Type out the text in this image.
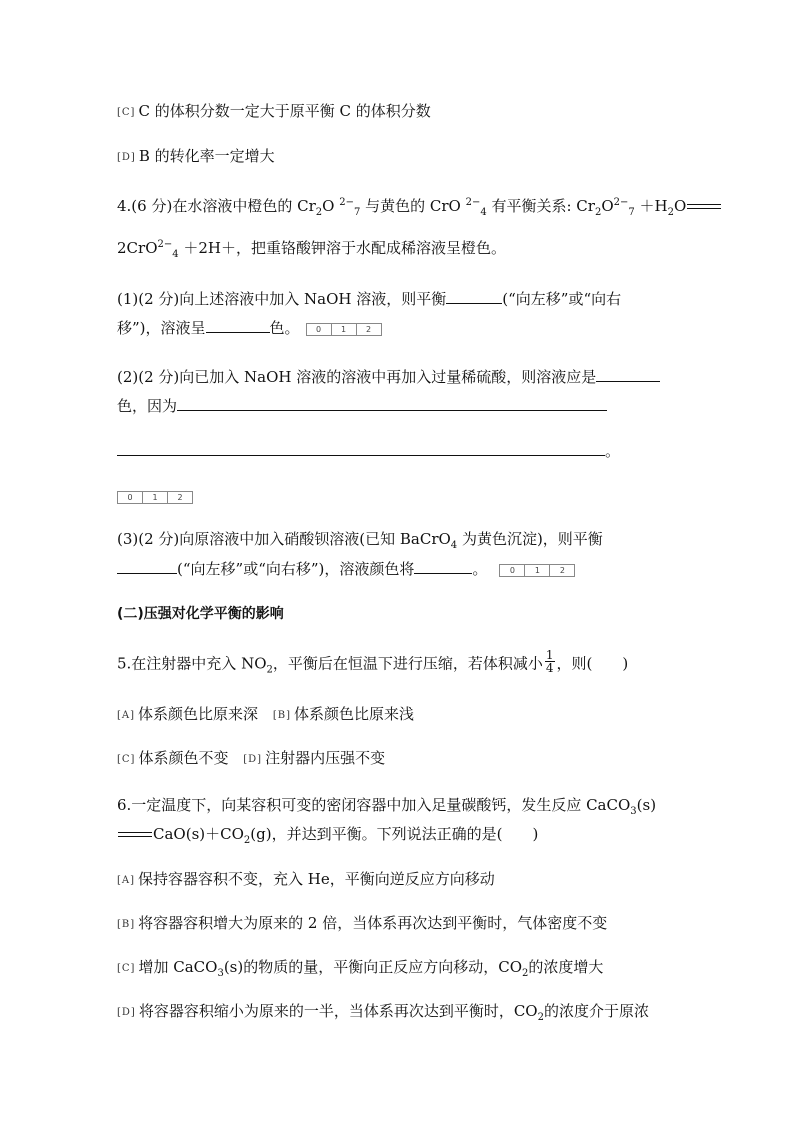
[C] C 的体积分数一定大于原平衡 C 的体积分数
[D] B 的转化率一定增大
4.(6 分)在水溶液中橙色的 $Cr_2O$ $^{2-}_7$ 与黄色的 CrO $^{2-}_4$ 有平衡关系: $Cr_2O^{2-}_7 +H_2O$
2CrO$^{2-}_4$ ＋2H＋，把重铬酸钾溶于水配成稀溶液呈橙色。
(1)(2 分)向上述溶液中加入 NaOH 溶液，则平衡	(“向左移”或“向右
移”)，溶液呈	色。	0	1	2
(2)(2 分)向已加入 NaOH 溶液的溶液中再加入过量稀硫酸，则溶液应是
色，因为
。
0	1	2
(3)(2 分)向原溶液中加入硝酸钡溶液(已知 BaCrO$_4$ 为黄色沉淀)，则平衡
(“向左移”或“向右移”)，溶液颜色将	。	0	1	2
(二)压强对化学平衡的影响
5.在注射器中充入 $NO_2$，平衡后在恒温下进行压缩，若体积减小 $\frac{1}{4}$ ，则(　　)
[A] 体系颜色比原来深 [B] 体系颜色比原来浅
[C] 体系颜色不变 [D] 注射器内压强不变
6.一定温度下，向某容积可变的密闭容器中加入足量碳酸钙，发生反应 CaCO$_3$(s)
$CaO(s)+CO_2(g)$，并达到平衡。下列说法正确的是(　　)
[A] 保持容器容积不变，充入 He，平衡向逆反应方向移动
[B] 将容器容积增大为原来的 2 倍，当体系再次达到平衡时，气体密度不变
[C] 增加 CaCO$_3$(s)的物质的量，平衡向正反应方向移动，$CO_2$的浓度增大
[D] 将容器容积缩小为原来的一半，当体系再次达到平衡时，$CO_2$的浓度介于原浓
